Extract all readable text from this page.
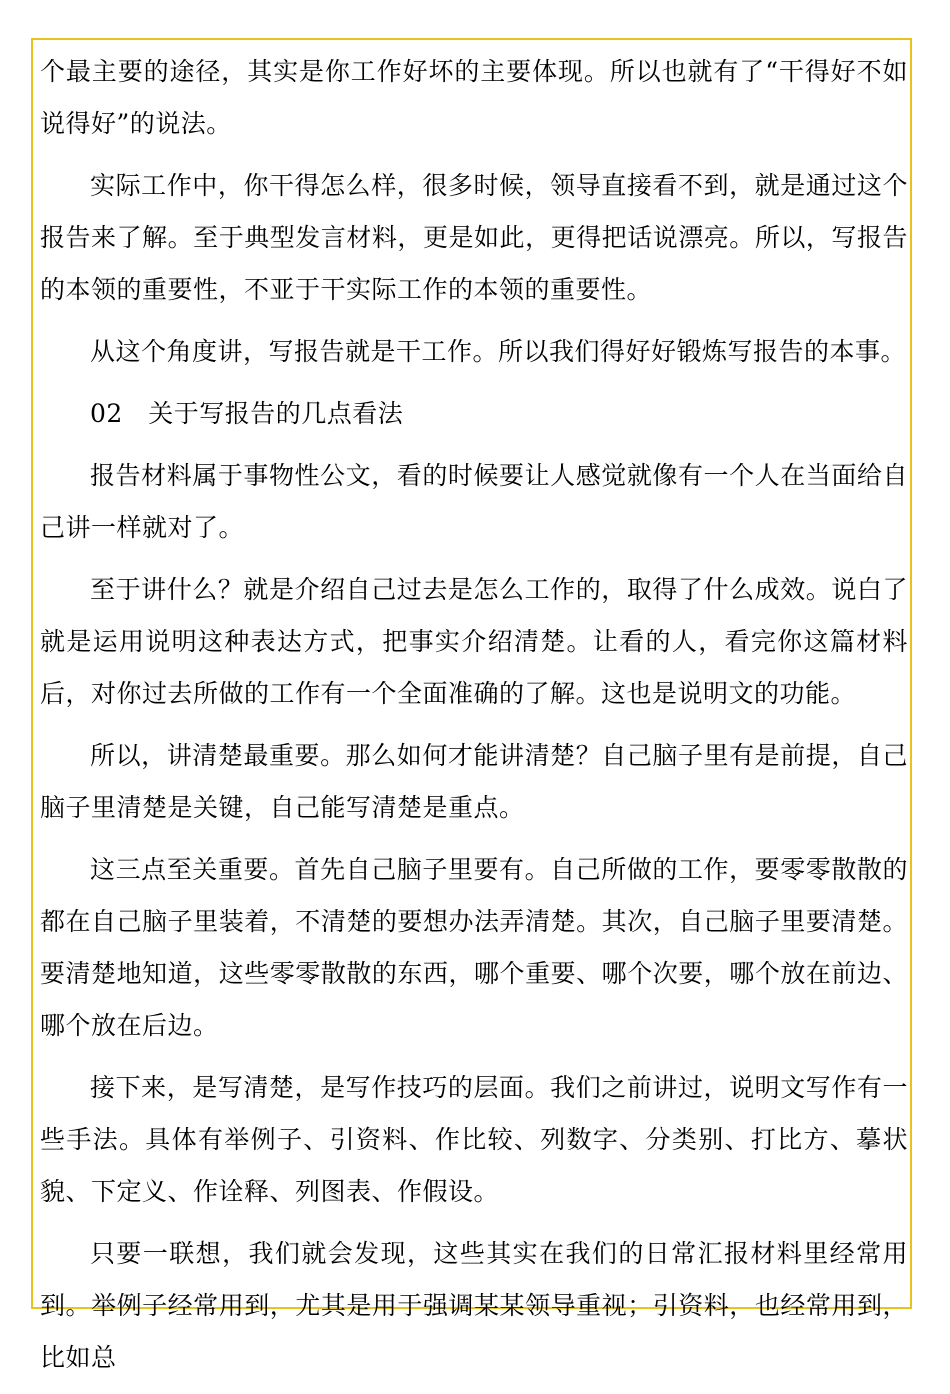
个最主要的途径，其实是你工作好坏的主要体现。所以也就有了“干得好不如说得好”的说法。

实际工作中，你干得怎么样，很多时候，领导直接看不到，就是通过这个报告来了解。至于典型发言材料，更是如此，更得把话说漂亮。所以，写报告的本领的重要性，不亚于干实际工作的本领的重要性。

从这个角度讲，写报告就是干工作。所以我们得好好锻炼写报告的本事。

02　关于写报告的几点看法

报告材料属于事物性公文，看的时候要让人感觉就像有一个人在当面给自己讲一样就对了。

至于讲什么？就是介绍自己过去是怎么工作的，取得了什么成效。说白了就是运用说明这种表达方式，把事实介绍清楚。让看的人，看完你这篇材料后，对你过去所做的工作有一个全面准确的了解。这也是说明文的功能。

所以，讲清楚最重要。那么如何才能讲清楚？自己脑子里有是前提，自己脑子里清楚是关键，自己能写清楚是重点。

这三点至关重要。首先自己脑子里要有。自己所做的工作，要零零散散的都在自己脑子里装着，不清楚的要想办法弄清楚。其次，自己脑子里要清楚。要清楚地知道，这些零零散散的东西，哪个重要、哪个次要，哪个放在前边、哪个放在后边。

接下来，是写清楚，是写作技巧的层面。我们之前讲过，说明文写作有一些手法。具体有举例子、引资料、作比较、列数字、分类别、打比方、摹状貌、下定义、作诠释、列图表、作假设。

只要一联想，我们就会发现，这些其实在我们的日常汇报材料里经常用到。举例子经常用到，尤其是用于强调某某领导重视；引资料，也经常用到，比如总
